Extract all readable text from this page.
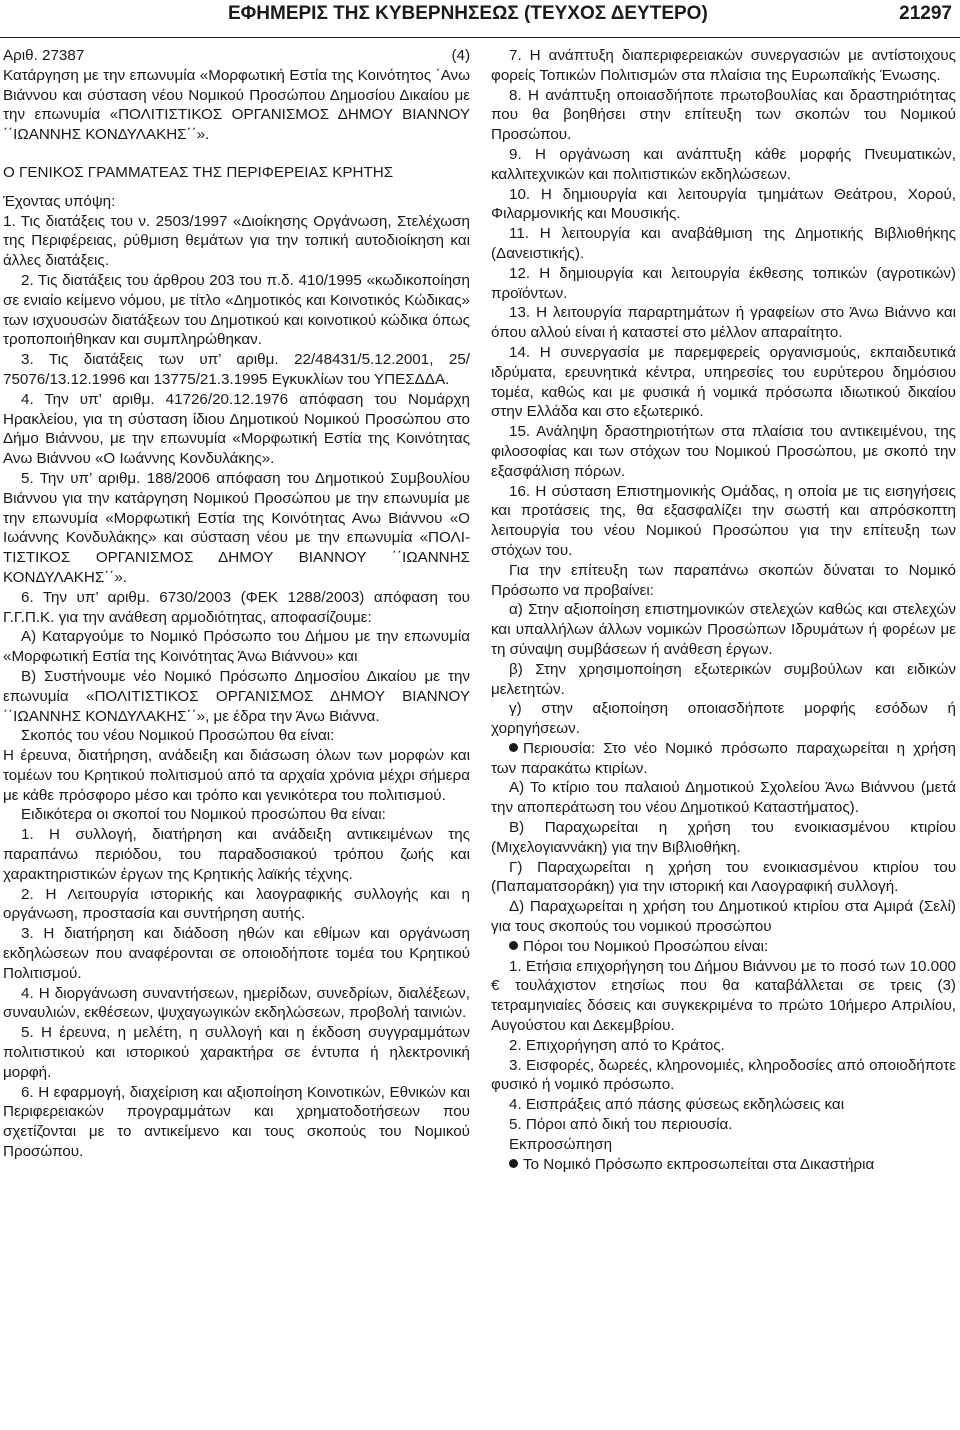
ΕΦΗΜΕΡΙΣ ΤΗΣ ΚΥΒΕΡΝΗΣΕΩΣ (ΤΕΥΧΟΣ ΔΕΥΤΕΡΟ)	21297
Αριθ. 27387	(4)

Κατάργηση με την επωνυμία «Μορφωτική Εστία της Κοινότητος ΄Ανω Βιάννου και σύσταση νέου Νομικού Προσώπου Δημοσίου Δικαίου με την επωνυμία «ΠΟΛΙΤΙΣΤΙΚΟΣ ΟΡΓΑΝΙΣΜΟΣ ΔΗΜΟΥ ΒΙΑΝΝΟΥ ΄΄ΙΩΑΝΝΗΣ ΚΟΝΔΥΛΑΚΗΣ΄΄».

Ο ΓΕΝΙΚΟΣ ΓΡΑΜΜΑΤΕΑΣ ΤΗΣ ΠΕΡΙΦΕΡΕΙΑΣ ΚΡΗΤΗΣ

Έχοντας υπόψη:

1. Τις διατάξεις του ν. 2503/1997 «Διοίκησης Οργάνωση, Στελέχωση της Περιφέρειας, ρύθμιση θεμάτων για την τοπική αυτοδιοίκηση και άλλες διατάξεις.

2. Τις διατάξεις του άρθρου 203 του π.δ. 410/1995 «κωδικοποίηση σε ενιαίο κείμενο νόμου, με τίτλο «Δημοτικός και Κοινοτικός Κώδικας» των ισχυουσών διατάξεων του Δημοτικού και κοινοτικού κώδικα όπως τροποποιήθηκαν και συμπληρώθηκαν.

3. Τις διατάξεις των υπ’ αριθμ. 22/48431/5.12.2001, 25/ 75076/13.12.1996 και 13775/21.3.1995 Εγκυκλίων του ΥΠΕΣΔΔΑ.

4. Την υπ’ αριθμ. 41726/20.12.1976 απόφαση του Νομάρχη Ηρακλείου, για τη σύσταση ίδιου Δημοτικού Νομικού Προσώπου στο Δήμο Βιάννου, με την επωνυμία «Μορφωτική Εστία της Κοινότητας Ανω Βιάννου «Ο Ιωάννης Κονδυλάκης».

5. Την υπ’ αριθμ. 188/2006 απόφαση του Δημοτικού Συμβουλίου Βιάννου για την κατάργηση Νομικού Προσώπου με την επωνυμία με την επωνυμία «Μορφωτική Εστία της Κοινότητας Ανω Βιάννου «Ο Ιωάννης Κονδυλάκης» και σύσταση νέου με την επωνυμία «ΠΟΛΙΤΙΣΤΙΚΟΣ ΟΡΓΑΝΙΣΜΟΣ ΔΗΜΟΥ ΒΙΑΝΝΟΥ ΄΄ΙΩΑΝΝΗΣ ΚΟΝΔΥΛΑΚΗΣ΄΄».

6. Την υπ’ αριθμ. 6730/2003 (ΦΕΚ 1288/2003) απόφαση του Γ.Γ.Π.Κ. για την ανάθεση αρμοδιότητας, αποφασίζουμε:

Α) Καταργούμε το Νομικό Πρόσωπο του Δήμου με την επωνυμία «Μορφωτική Εστία της Κοινότητας Άνω Βιάννου» και

Β) Συστήνουμε νέο Νομικό Πρόσωπο Δημοσίου Δικαίου με την επωνυμία «ΠΟΛΙΤΙΣΤΙΚΟΣ ΟΡΓΑΝΙΣΜΟΣ ΔΗΜΟΥ ΒΙΑΝΝΟΥ ΄΄ΙΩΑΝΝΗΣ ΚΟΝΔΥΛΑΚΗΣ΄΄», με έδρα την Άνω Βιάννα.

Σκοπός του νέου Νομικού Προσώπου θα είναι:

Η έρευνα, διατήρηση, ανάδειξη και διάσωση όλων των μορφών και τομέων του Κρητικού πολιτισμού από τα αρχαία χρόνια μέχρι σήμερα με κάθε πρόσφορο μέσο και τρόπο και γενικότερα του πολιτισμού.

Ειδικότερα οι σκοποί του Νομικού προσώπου θα είναι:

1. Η συλλογή, διατήρηση και ανάδειξη αντικειμένων της παραπάνω περιόδου, του παραδοσιακού τρόπου ζωής και χαρακτηριστικών έργων της Κρητικής λαϊκής τέχνης.

2. Η Λειτουργία ιστορικής και λαογραφικής συλλογής και η οργάνωση, προστασία και συντήρηση αυτής.

3. Η διατήρηση και διάδοση ηθών και εθίμων και οργάνωση εκδηλώσεων που αναφέρονται σε οποιοδήποτε τομέα του Κρητικού Πολιτισμού.

4. Η διοργάνωση συναντήσεων, ημερίδων, συνεδρίων, διαλέξεων, συναυλιών, εκθέσεων, ψυχαγωγικών εκδηλώσεων, προβολή ταινιών.

5. Η έρευνα, η μελέτη, η συλλογή και η έκδοση συγγραμμάτων πολιτιστικού και ιστορικού χαρακτήρα σε έντυπα ή ηλεκτρονική μορφή.

6. Η εφαρμογή, διαχείριση και αξιοποίηση Κοινοτικών, Εθνικών και Περιφερειακών προγραμμάτων και χρηματοδοτήσεων που σχετίζονται με το αντικείμενο και τους σκοπούς του Νομικού Προσώπου.

7. Η ανάπτυξη διαπεριφερειακών συνεργασιών με αντίστοιχους φορείς Τοπικών Πολιτισμών στα πλαίσια της Ευρωπαϊκής Ένωσης.

8. Η ανάπτυξη οποιασδήποτε πρωτοβουλίας και δραστηριότητας που θα βοηθήσει στην επίτευξη των σκοπών του Νομικού Προσώπου.

9. Η οργάνωση και ανάπτυξη κάθε μορφής Πνευματικών, καλλιτεχνικών και πολιτιστικών εκδηλώσεων.

10. Η δημιουργία και λειτουργία τμημάτων Θεάτρου, Χορού, Φιλαρμονικής και Μουσικής.

11. Η λειτουργία και αναβάθμιση της Δημοτικής Βιβλιοθήκης (Δανειστικής).

12. Η δημιουργία και λειτουργία έκθεσης τοπικών (αγροτικών) προϊόντων.

13. Η λειτουργία παραρτημάτων ή γραφείων στο Άνω Βιάννο και όπου αλλού είναι ή καταστεί στο μέλλον απαραίτητο.

14. Η συνεργασία με παρεμφερείς οργανισμούς, εκπαιδευτικά ιδρύματα, ερευνητικά κέντρα, υπηρεσίες του ευρύτερου δημόσιου τομέα, καθώς και με φυσικά ή νομικά πρόσωπα ιδιωτικού δικαίου στην Ελλάδα και στο εξωτερικό.

15. Ανάληψη δραστηριοτήτων στα πλαίσια του αντικειμένου, της φιλοσοφίας και των στόχων του Νομικού Προσώπου, με σκοπό την εξασφάλιση πόρων.

16. Η σύσταση Επιστημονικής Ομάδας, η οποία με τις εισηγήσεις και προτάσεις της, θα εξασφαλίζει την σωστή και απρόσκοπτη λειτουργία του νέου Νομικού Προσώπου για την επίτευξη των στόχων του.

Για την επίτευξη των παραπάνω σκοπών δύναται το Νομικό Πρόσωπο να προβαίνει:

α) Στην αξιοποίηση επιστημονικών στελεχών καθώς και στελεχών και υπαλλήλων άλλων νομικών Προσώπων Ιδρυμάτων ή φορέων με τη σύναψη συμβάσεων ή ανάθεση έργων.

β) Στην χρησιμοποίηση εξωτερικών συμβούλων και ειδικών μελετητών.

γ) στην αξιοποίηση οποιασδήποτε μορφής εσόδων ή χορηγήσεων.

Περιουσία: Στο νέο Νομικό πρόσωπο παραχωρείται η χρήση των παρακάτω κτιρίων.

Α) Το κτίριο του παλαιού Δημοτικού Σχολείου Άνω Βιάννου (μετά την αποπεράτωση του νέου Δημοτικού Καταστήματος).

Β) Παραχωρείται η χρήση του ενοικιασμένου κτιρίου (Μιχελογιαννάκη) για την Βιβλιοθήκη.

Γ) Παραχωρείται η χρήση του ενοικιασμένου κτιρίου του (Παπαματσοράκη) για την ιστορική και Λαογραφική συλλογή.

Δ) Παραχωρείται η χρήση του Δημοτικού κτιρίου στα Αμιρά (Σελί) για τους σκοπούς του νομικού προσώπου

Πόροι του Νομικού Προσώπου είναι:

1. Ετήσια επιχορήγηση του Δήμου Βιάννου με το ποσό των 10.000 € τουλάχιστον ετησίως που θα καταβάλλεται σε τρεις (3) τετραμηνιαίες δόσεις και συγκεκριμένα το πρώτο 10ήμερο Απριλίου, Αυγούστου και Δεκεμβρίου.

2. Επιχορήγηση από το Κράτος.

3. Εισφορές, δωρεές, κληρονομιές, κληροδοσίες από οποιοδήποτε φυσικό ή νομικό πρόσωπο.

4. Εισπράξεις από πάσης φύσεως εκδηλώσεις και

5. Πόροι από δική του περιουσία.

Εκπροσώπηση

Το Νομικό Πρόσωπο εκπροσωπείται στα Δικαστήρια
